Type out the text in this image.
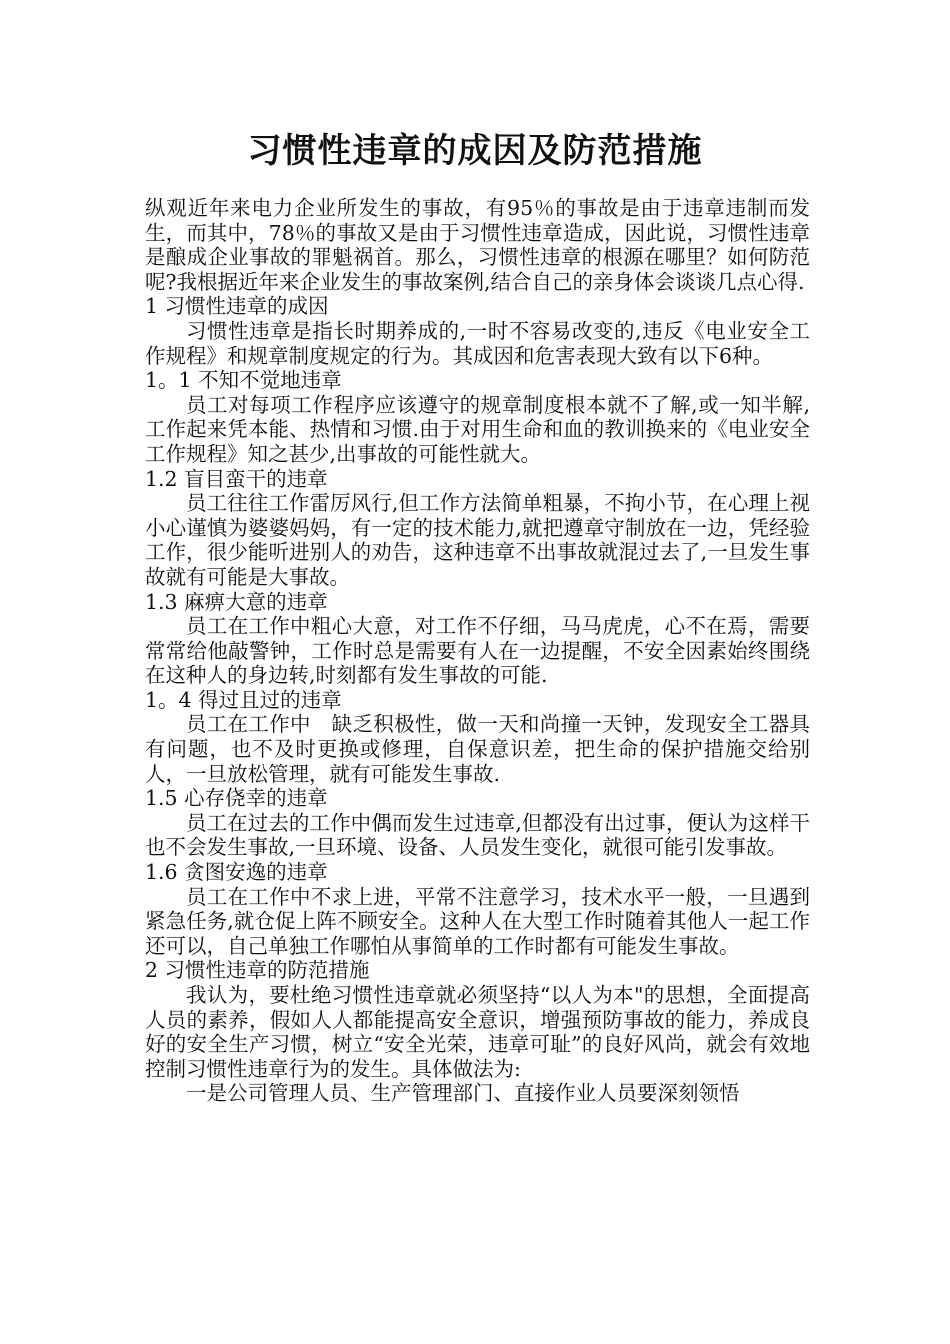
习惯性违章的成因及防范措施

纵观近年来电力企业所发生的事故，有95％的事故是由于违章违制而发生，而其中，78％的事故又是由于习惯性违章造成，因此说，习惯性违章是酿成企业事故的罪魁祸首。那么，习惯性违章的根源在哪里？如何防范呢?我根据近年来企业发生的事故案例,结合自己的亲身体会谈谈几点心得.

1 习惯性违章的成因

习惯性违章是指长时期养成的,一时不容易改变的,违反《电业安全工作规程》和规章制度规定的行为。其成因和危害表现大致有以下6种。

1。1 不知不觉地违章

员工对每项工作程序应该遵守的规章制度根本就不了解,或一知半解,工作起来凭本能、热情和习惯.由于对用生命和血的教训换来的《电业安全工作规程》知之甚少,出事故的可能性就大。

1.2 盲目蛮干的违章

员工往往工作雷厉风行,但工作方法简单粗暴，不拘小节，在心理上视小心谨慎为婆婆妈妈，有一定的技术能力,就把遵章守制放在一边，凭经验工作，很少能听进别人的劝告，这种违章不出事故就混过去了,一旦发生事故就有可能是大事故。

1.3 麻痹大意的违章

员工在工作中粗心大意，对工作不仔细，马马虎虎，心不在焉，需要常常给他敲警钟，工作时总是需要有人在一边提醒，不安全因素始终围绕在这种人的身边转,时刻都有发生事故的可能.

1。4 得过且过的违章

员工在工作中　缺乏积极性，做一天和尚撞一天钟，发现安全工器具有问题，也不及时更换或修理，自保意识差，把生命的保护措施交给别人，一旦放松管理，就有可能发生事故.

1.5 心存侥幸的违章

员工在过去的工作中偶而发生过违章,但都没有出过事，便认为这样干也不会发生事故,一旦环境、设备、人员发生变化，就很可能引发事故。

1.6 贪图安逸的违章

员工在工作中不求上进，平常不注意学习，技术水平一般，一旦遇到紧急任务,就仓促上阵不顾安全。这种人在大型工作时随着其他人一起工作还可以，自己单独工作哪怕从事简单的工作时都有可能发生事故。

2 习惯性违章的防范措施

我认为，要杜绝习惯性违章就必须坚持“以人为本"的思想，全面提高人员的素养，假如人人都能提高安全意识，增强预防事故的能力，养成良好的安全生产习惯，树立“安全光荣，违章可耻”的良好风尚，就会有效地控制习惯性违章行为的发生。具体做法为:

一是公司管理人员、生产管理部门、直接作业人员要深刻领悟
